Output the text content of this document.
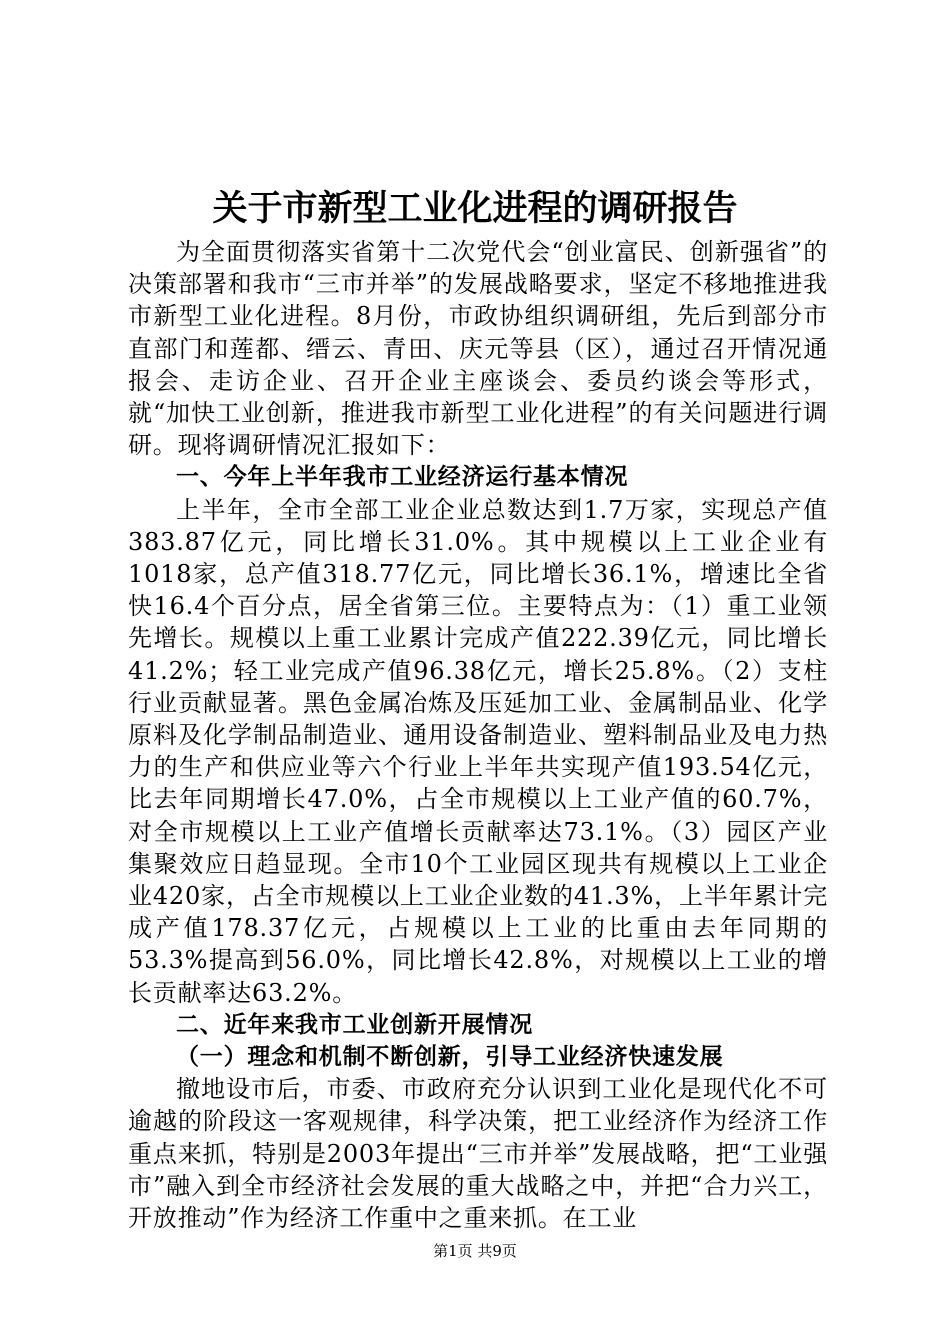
关于市新型工业化进程的调研报告

为全面贯彻落实省第十二次党代会“创业富民、创新强省”的决策部署和我市“三市并举”的发展战略要求，坚定不移地推进我市新型工业化进程。8月份，市政协组织调研组，先后到部分市直部门和莲都、缙云、青田、庆元等县（区），通过召开情况通报会、走访企业、召开企业主座谈会、委员约谈会等形式，就“加快工业创新，推进我市新型工业化进程”的有关问题进行调研。现将调研情况汇报如下：

一、今年上半年我市工业经济运行基本情况

上半年，全市全部工业企业总数达到1.7万家，实现总产值383.87亿元，同比增长31.0%。其中规模以上工业企业有1018家，总产值318.77亿元，同比增长36.1%，增速比全省快16.4个百分点，居全省第三位。主要特点为：（1）重工业领先增长。规模以上重工业累计完成产值222.39亿元，同比增长41.2%；轻工业完成产值96.38亿元，增长25.8%。（2）支柱行业贡献显著。黑色金属冶炼及压延加工业、金属制品业、化学原料及化学制品制造业、通用设备制造业、塑料制品业及电力热力的生产和供应业等六个行业上半年共实现产值193.54亿元，比去年同期增长47.0%，占全市规模以上工业产值的60.7%，对全市规模以上工业产值增长贡献率达73.1%。（3）园区产业集聚效应日趋显现。全市10个工业园区现共有规模以上工业企业420家，占全市规模以上工业企业数的41.3%，上半年累计完成产值178.37亿元，占规模以上工业的比重由去年同期的53.3%提高到56.0%，同比增长42.8%，对规模以上工业的增长贡献率达63.2%。

二、近年来我市工业创新开展情况
（一）理念和机制不断创新，引导工业经济快速发展

撤地设市后，市委、市政府充分认识到工业化是现代化不可逾越的阶段这一客观规律，科学决策，把工业经济作为经济工作重点来抓，特别是2003年提出“三市并举”发展战略，把“工业强市”融入到全市经济社会发展的重大战略之中，并把“合力兴工，开放推动”作为经济工作重中之重来抓。在工业

第1页 共9页
